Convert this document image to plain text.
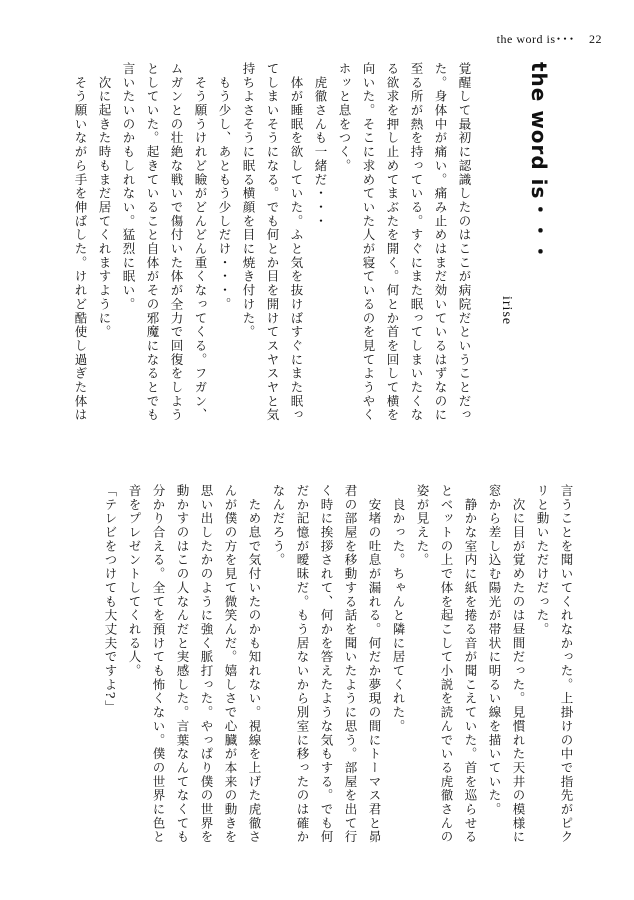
the word is･･･ 22
the word is・・・
irise
覚醒して最初に認識したのはここが病院だということだっ
た。身体中が痛い。痛み止めはまだ効いているはずなのに
至る所が熱を持っている。すぐにまた眠ってしまいたくな
る欲求を押し止めてまぶたを開く。何とか首を回して横を
向いた。そこに求めていた人が寝ているのを見てようやく
ホッと息をつく。
　虎徹さんも一緒だ・・・
　体が睡眠を欲していた。ふと気を抜けばすぐにまた眠っ
てしまいそうになる。でも何とか目を開けてスヤスヤと気
持ちよさそうに眠る横顔を目に焼き付けた。
　もう少し、あともう少しだけ・・・。
　そう願うけれど瞼がどんどん重くなってくる。フガン、
ムガンとの壮絶な戦いで傷付いた体が全力で回復をしよう
としていた。起きていること自体がその邪魔になるとでも
言いたいのかもしれない。猛烈に眠い。
　次に起きた時もまだ居てくれますように。
　そう願いながら手を伸ばした。けれど酷使し過ぎた体は
言うことを聞いてくれなかった。上掛けの中で指先がピク
リと動いただけだった。
　次に目が覚めたのは昼間だった。見慣れた天井の模様に
窓から差し込む陽光が帯状に明るい線を描いていた。
　静かな室内に紙を捲る音が聞こえていた。首を巡らせる
とベットの上で体を起こして小説を読んでいる虎徹さんの
姿が見えた。
　良かった。ちゃんと隣に居てくれた。
　安堵の吐息が漏れる。何だか夢現の間にトーマス君と昴
君の部屋を移動する話を聞いたように思う。部屋を出て行
く時に挨拶されて、何かを答えたような気もする。でも何
だか記憶が曖昧だ。もう居ないから別室に移ったのは確か
なんだろう。
　ため息で気付いたのかも知れない。視線を上げた虎徹さ
んが僕の方を見て微笑んだ。嬉しさで心臓が本来の動きを
思い出したかのように強く脈打った。やっぱり僕の世界を
動かすのはこの人なんだと実感した。言葉なんてなくても
分かり合える。全てを預けても怖くない。僕の世界に色と
音をプレゼントしてくれる人。
「テレビをつけても大丈夫ですよ?」
